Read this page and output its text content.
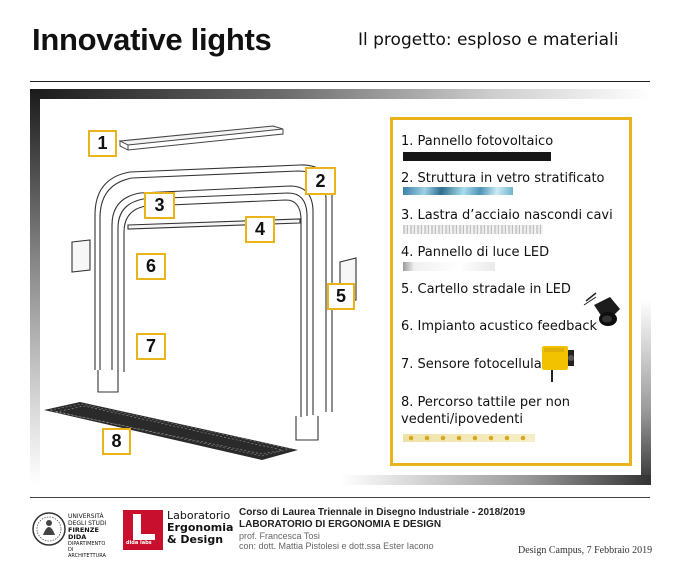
Innovative lights	Il progetto: esploso e materiali
1
2
3
4
5
6
7
8
1. Pannello fotovoltaico
2. Struttura in vetro stratificato
3. Lastra d’acciaio nascondi cavi
4. Pannello di luce LED
5. Cartello stradale in LED
6. Impianto acustico feedback
7. Sensore fotocellula
8. Percorso tattile per non vedenti/ipovedenti
UNIVERSITÀ
DEGLI STUDI
FIRENZE
DIDA
DIPARTIMENTO DI ARCHITETTURA
dida labs
Laboratorio
Ergonomia
& Design
Corso di Laurea Triennale in Disegno Industriale - 2018/2019
LABORATORIO DI ERGONOMIA E DESIGN
prof. Francesca Tosi
con: dott. Mattia Pistolesi e dott.ssa Ester Iacono	Design Campus, 7 Febbraio 2019
